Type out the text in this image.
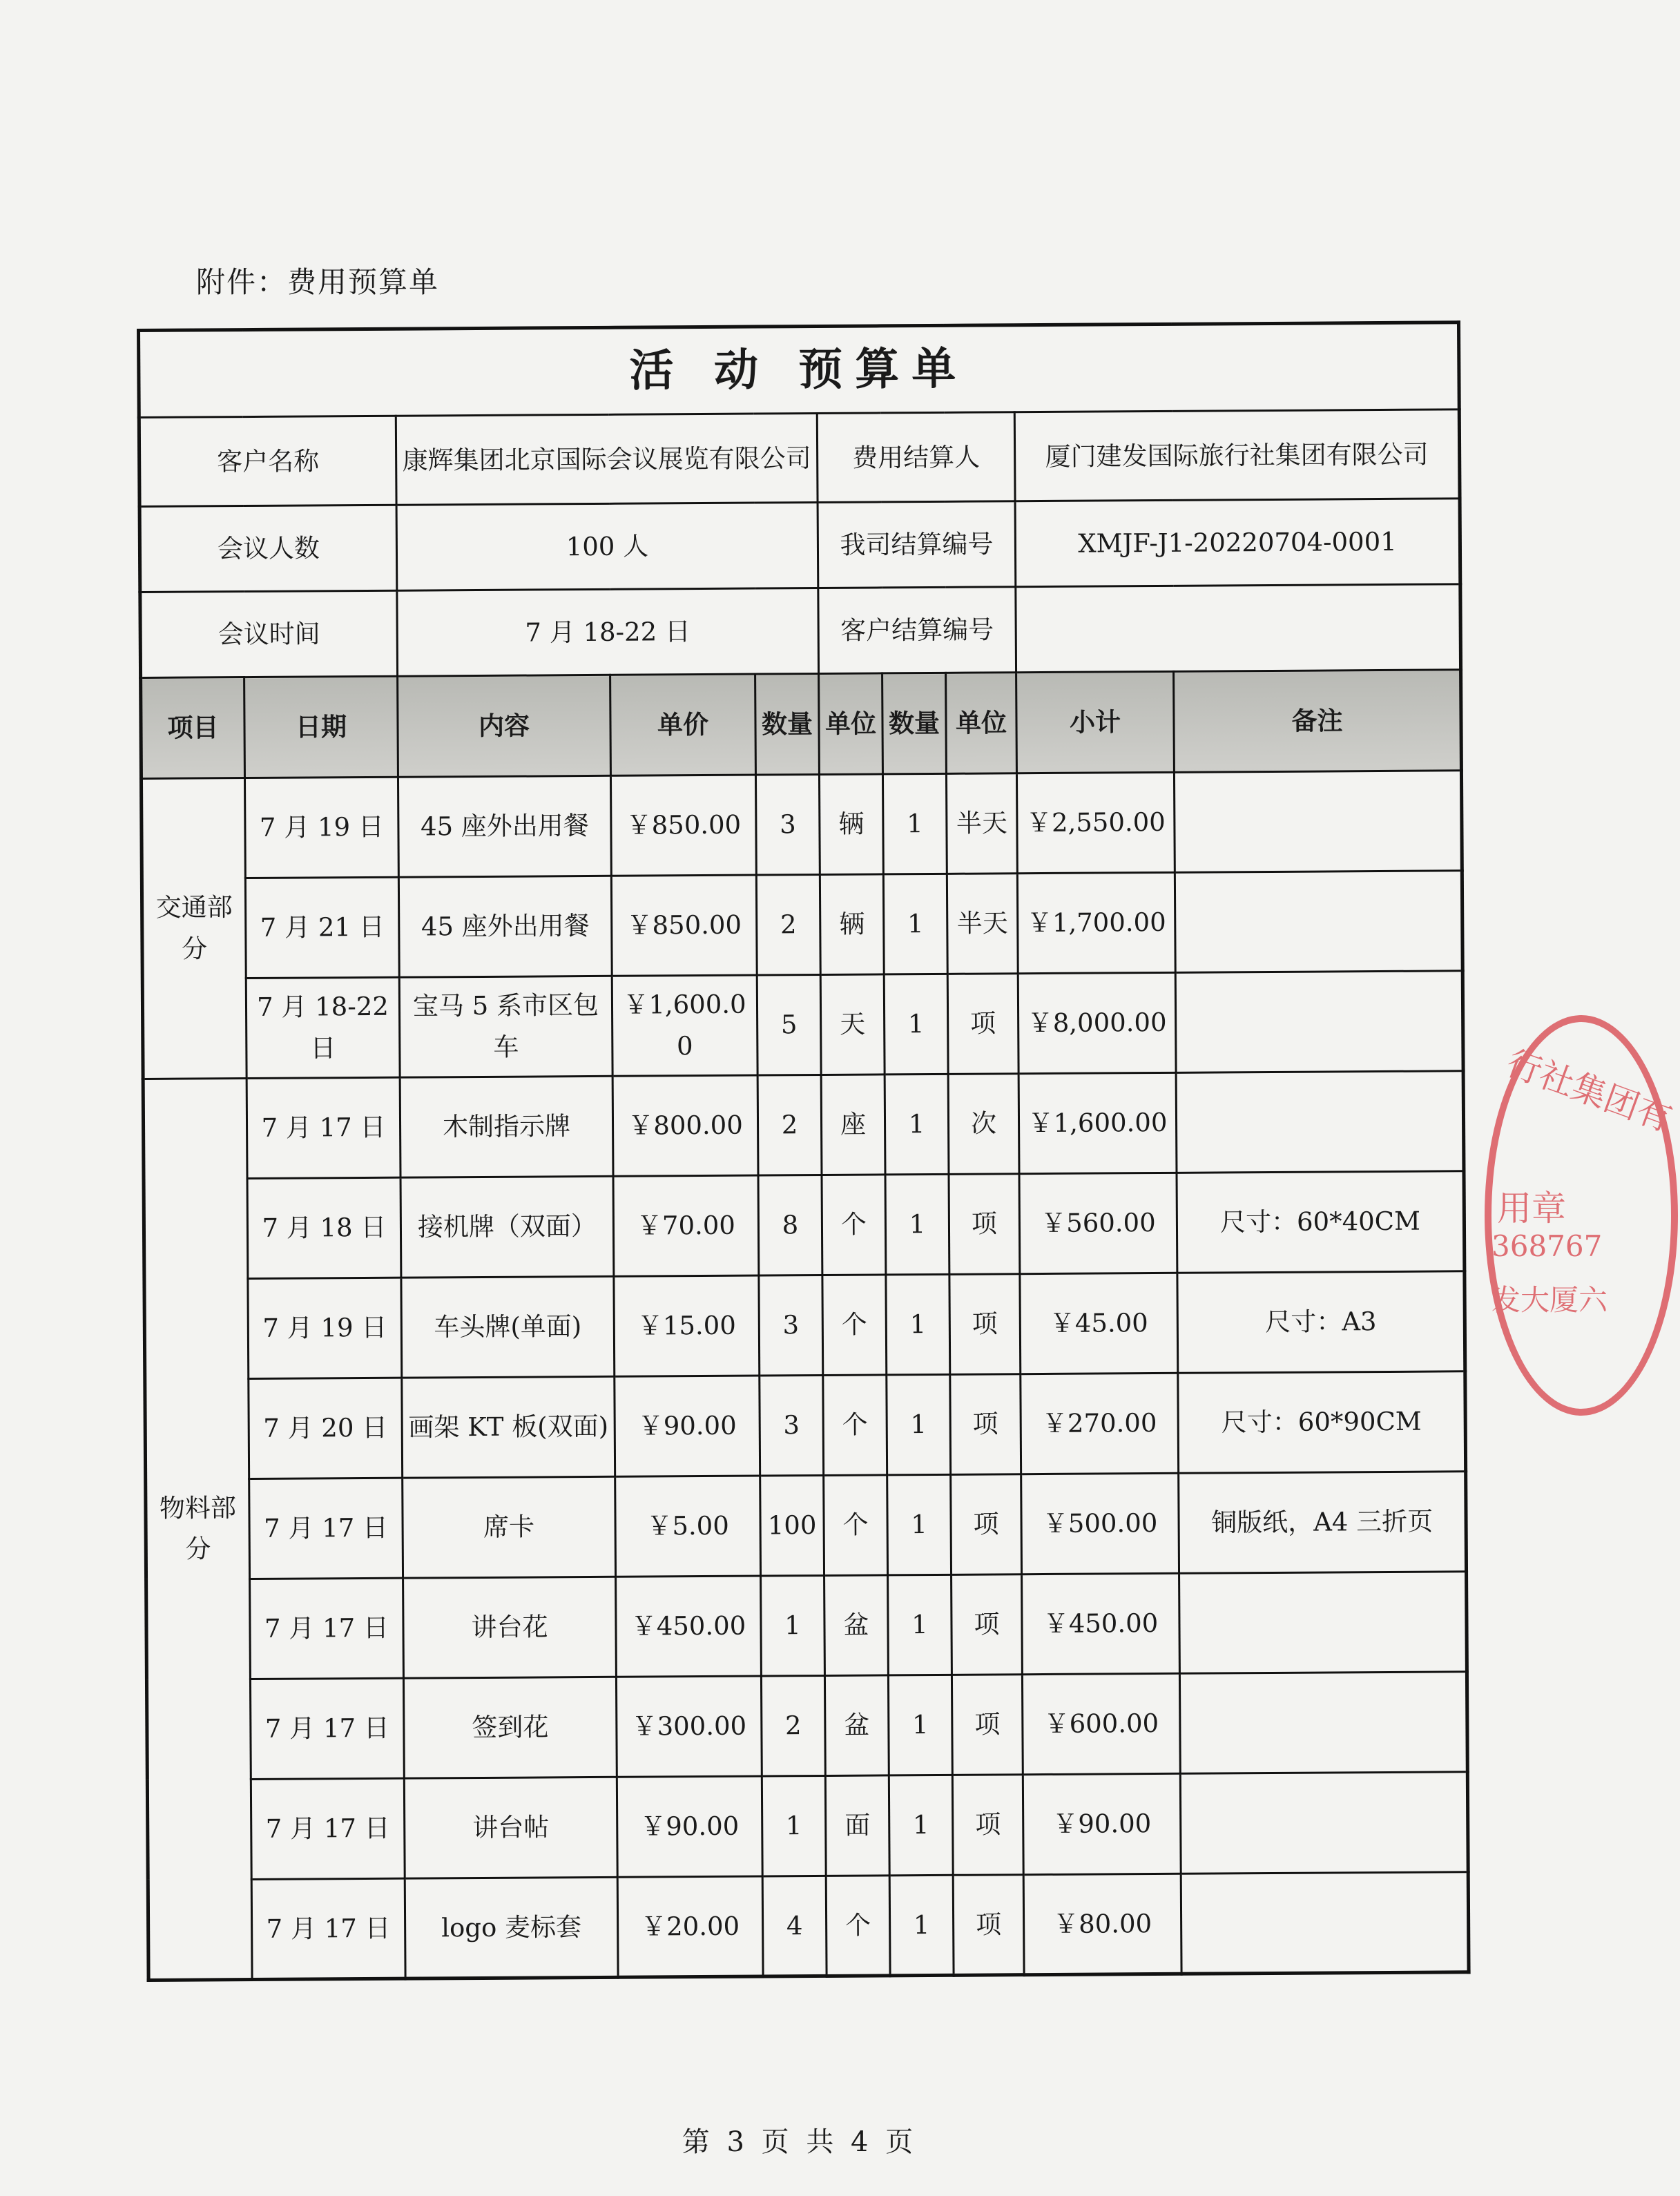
附件：费用预算单
活 动 预算单									
客户名称		康辉集团北京国际会议展览有限公司			费用结算人			厦门建发国际旅行社集团有限公司	
会议人数		100 人			我司结算编号			XMJF-J1-20220704-0001	
会议时间		7 月 18-22 日			客户结算编号				
项目	日期	内容	单价	数量	单位	数量	单位	小计	备注
交通部分	7 月 19 日	45 座外出用餐	￥850.00	3	辆	1	半天	￥2,550.00	
	7 月 21 日	45 座外出用餐	￥850.00	2	辆	1	半天	￥1,700.00	
	7 月 18-22 日	宝马 5 系市区包车	￥1,600.00	5	天	1	项	￥8,000.00	
物料部分	7 月 17 日	木制指示牌	￥800.00	2	座	1	次	￥1,600.00	
	7 月 18 日	接机牌（双面）	￥70.00	8	个	1	项	￥560.00	尺寸：60*40CM
	7 月 19 日	车头牌(单面)	￥15.00	3	个	1	项	￥45.00	尺寸：A3
	7 月 20 日	画架 KT 板(双面)	￥90.00	3	个	1	项	￥270.00	尺寸：60*90CM
	7 月 17 日	席卡	￥5.00	100	个	1	项	￥500.00	铜版纸，A4 三折页
	7 月 17 日	讲台花	￥450.00	1	盆	1	项	￥450.00	
	7 月 17 日	签到花	￥300.00	2	盆	1	项	￥600.00	
	7 月 17 日	讲台帖	￥90.00	1	面	1	项	￥90.00	
	7 月 17 日	logo 麦标套	￥20.00	4	个	1	项	￥80.00	
行社集团有
用章
368767
发大厦六
第 3 页 共 4 页
